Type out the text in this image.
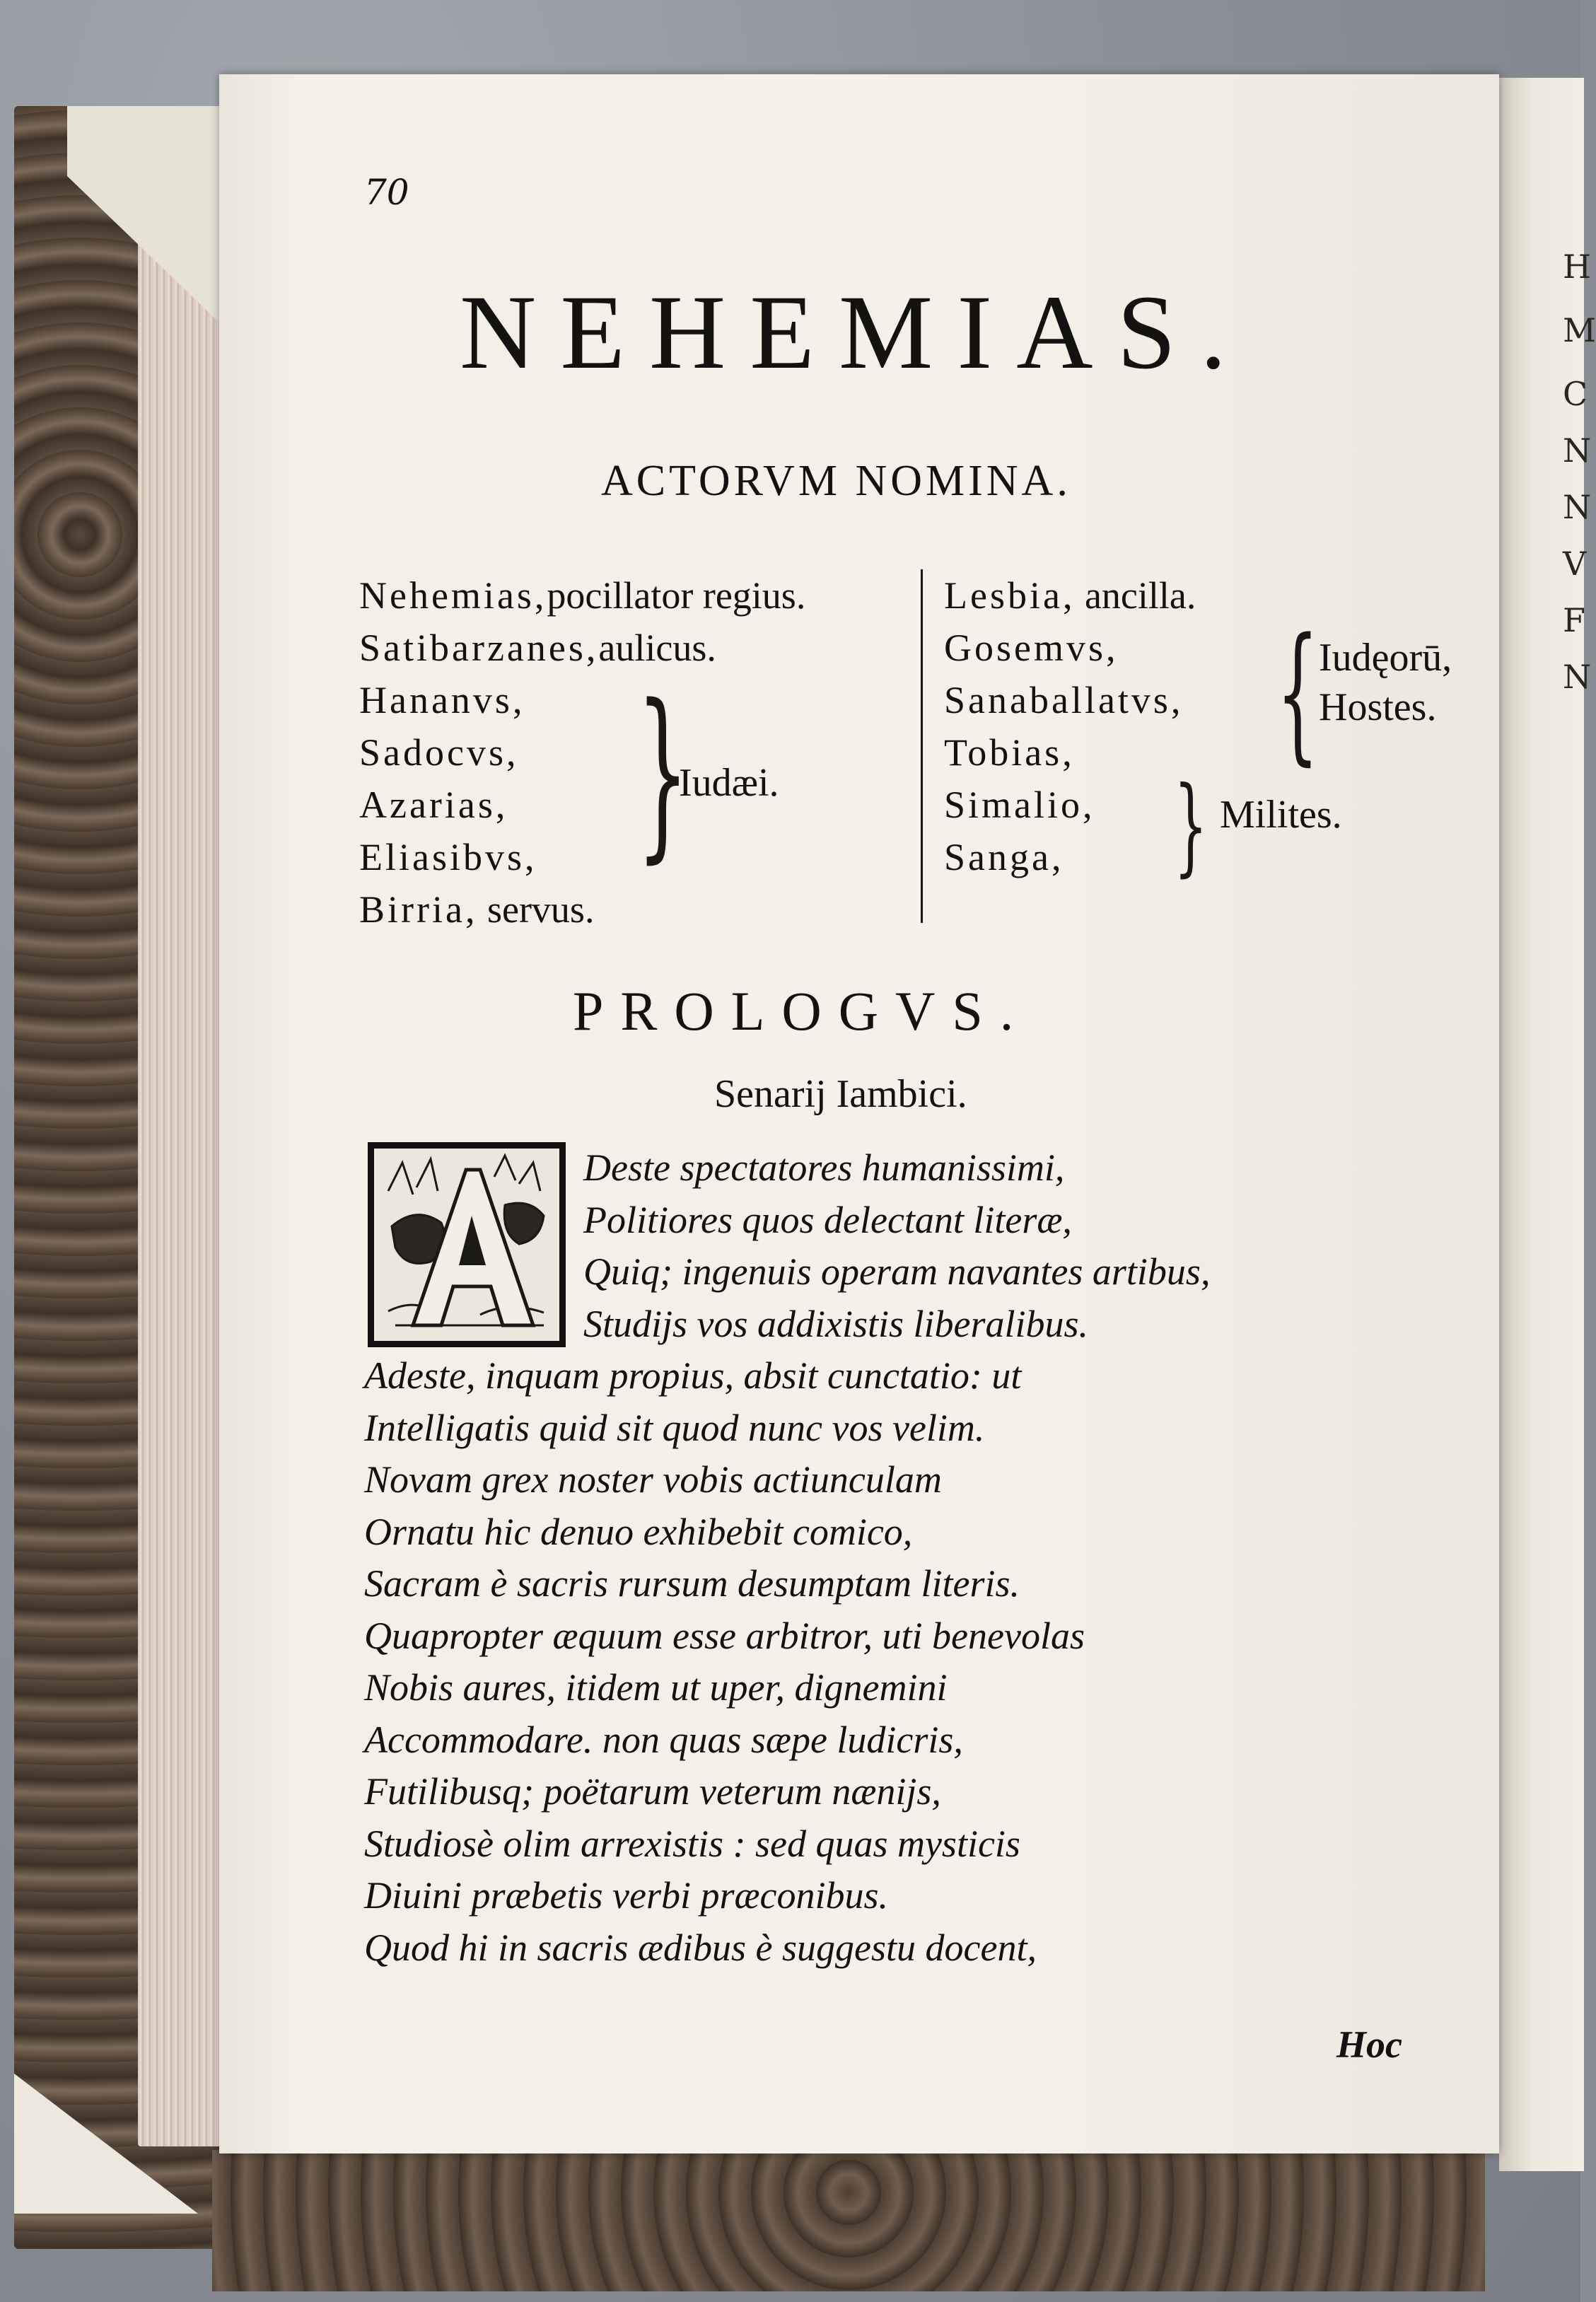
H
M
C
N
N
V
F
N
70
NEHEMIAS.
ACTORVM NOMINA.
Nehemias,pocillator regius.
Satibarzanes,aulicus.
Hananvs,
Sadocvs,
Azarias,
Eliasibvs,
Birria, servus.
}
Iudæi.
Lesbia, ancilla.
Gosemvs,
Sanaballatvs,
Tobias,
Simalio,
Sanga,
{ Iudęorū,
Hostes.
} Milites.
PROLOGVS.
Senarij Iambici.
Deste spectatores humanissimi,
Politiores quos delectant literæ,
Quiq; ingenuis operam navantes artibus,
Studijs vos addixistis liberalibus.
Adeste, inquam propius, absit cunctatio: ut
Intelligatis quid sit quod nunc vos velim.
Novam grex noster vobis actiunculam
Ornatu hic denuo exhibebit comico,
Sacram è sacris rursum desumptam literis.
Quapropter æquum esse arbitror, uti benevolas
Nobis aures, itidem ut uper, dignemini
Accommodare. non quas sæpe ludicris,
Futilibusq; poëtarum veterum nænijs,
Studiosè olim arrexistis : sed quas mysticis
Diuini præbetis verbi præconibus.
Quod hi in sacris ædibus è suggestu docent,
Hoc
